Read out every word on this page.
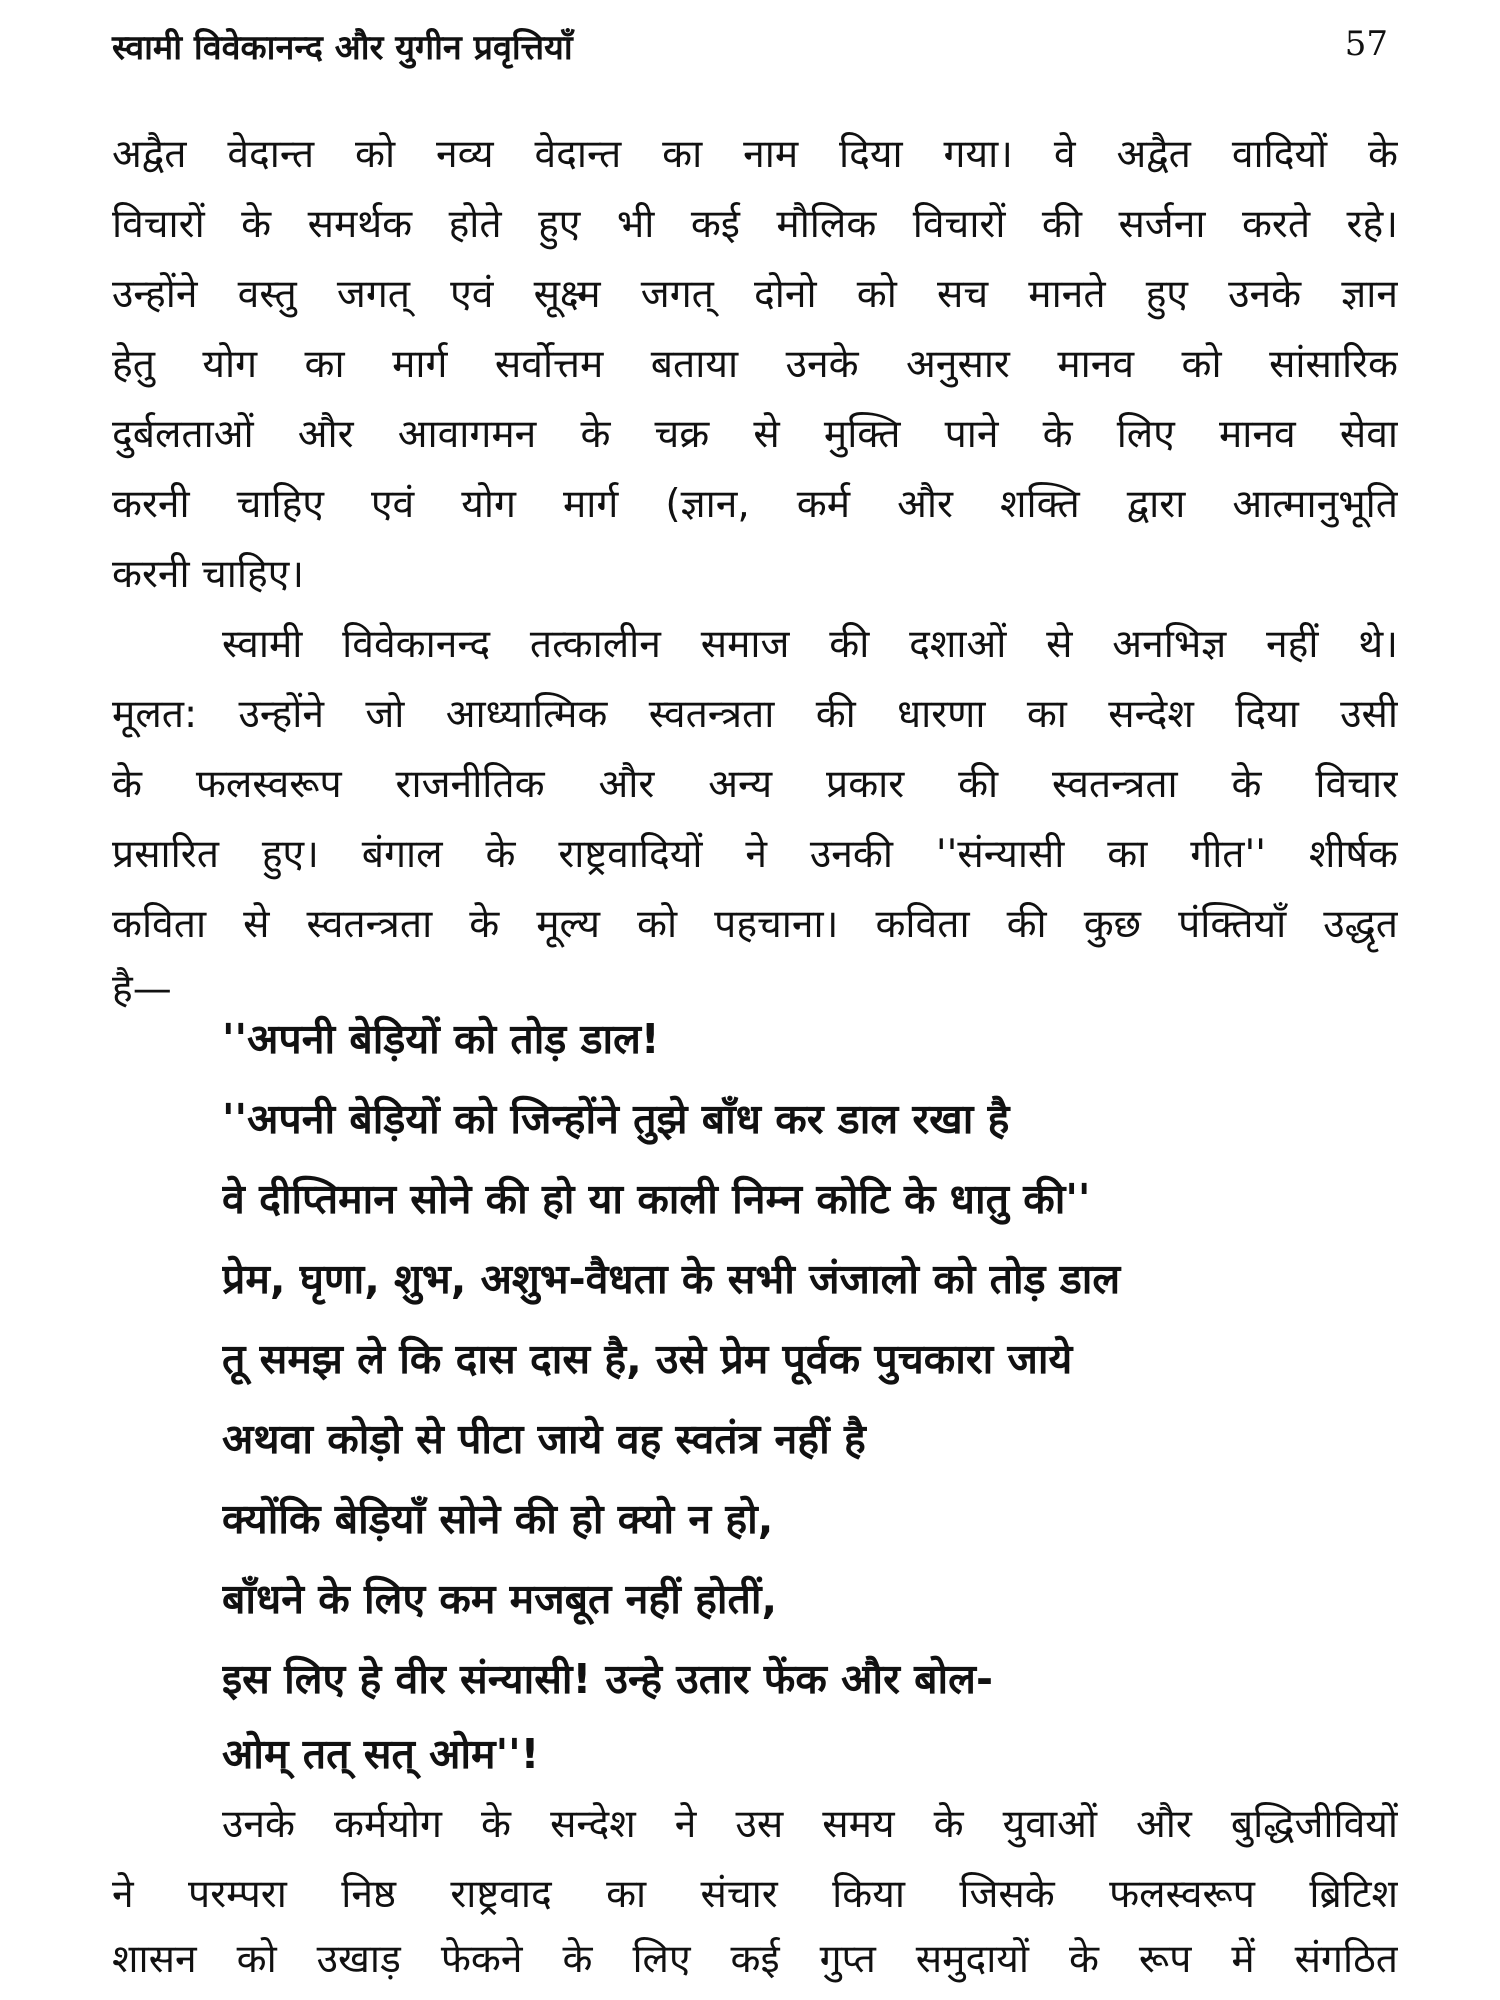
स्वामी विवेकानन्द और युगीन प्रवृत्तियाँ	57
अद्वैत वेदान्त को नव्य वेदान्त का नाम दिया गया। वे अद्वैत वादियों के
विचारों के समर्थक होते हुए भी कई मौलिक विचारों की सर्जना करते रहे।
उन्होंने वस्तु जगत् एवं सूक्ष्म जगत् दोनो को सच मानते हुए उनके ज्ञान
हेतु योग का मार्ग सर्वोत्तम बताया उनके अनुसार मानव को सांसारिक
दुर्बलताओं और आवागमन के चक्र से मुक्ति पाने के लिए मानव सेवा
करनी चाहिए एवं योग मार्ग (ज्ञान, कर्म और शक्ति द्वारा आत्मानुभूति
करनी चाहिए।
स्वामी विवेकानन्द तत्कालीन समाज की दशाओं से अनभिज्ञ नहीं थे।
मूलत: उन्होंने जो आध्यात्मिक स्वतन्त्रता की धारणा का सन्देश दिया उसी
के फलस्वरूप राजनीतिक और अन्य प्रकार की स्वतन्त्रता के विचार
प्रसारित हुए। बंगाल के राष्ट्रवादियों ने उनकी ''संन्यासी का गीत'' शीर्षक
कविता से स्वतन्त्रता के मूल्य को पहचाना। कविता की कुछ पंक्तियाँ उद्धृत
है—
''अपनी बेड़ियों को तोड़ डाल!
''अपनी बेड़ियों को जिन्होंने तुझे बाँध कर डाल रखा है
वे दीप्तिमान सोने की हो या काली निम्न कोटि के धातु की''
प्रेम, घृणा, शुभ, अशुभ-वैधता के सभी जंजालो को तोड़ डाल
तू समझ ले कि दास दास है, उसे प्रेम पूर्वक पुचकारा जाये
अथवा कोड़ो से पीटा जाये वह स्वतंत्र नहीं है
क्योंकि बेड़ियाँ सोने की हो क्यो न हो,
बाँधने के लिए कम मजबूत नहीं होतीं,
इस लिए हे वीर संन्यासी! उन्हे उतार फेंक और बोल-
ओम् तत् सत् ओम''!
उनके कर्मयोग के सन्देश ने उस समय के युवाओं और बुद्धिजीवियों
ने परम्परा निष्ठ राष्ट्रवाद का संचार किया जिसके फलस्वरूप ब्रिटिश
शासन को उखाड़ फेकने के लिए कई गुप्त समुदायों के रूप में संगठित
